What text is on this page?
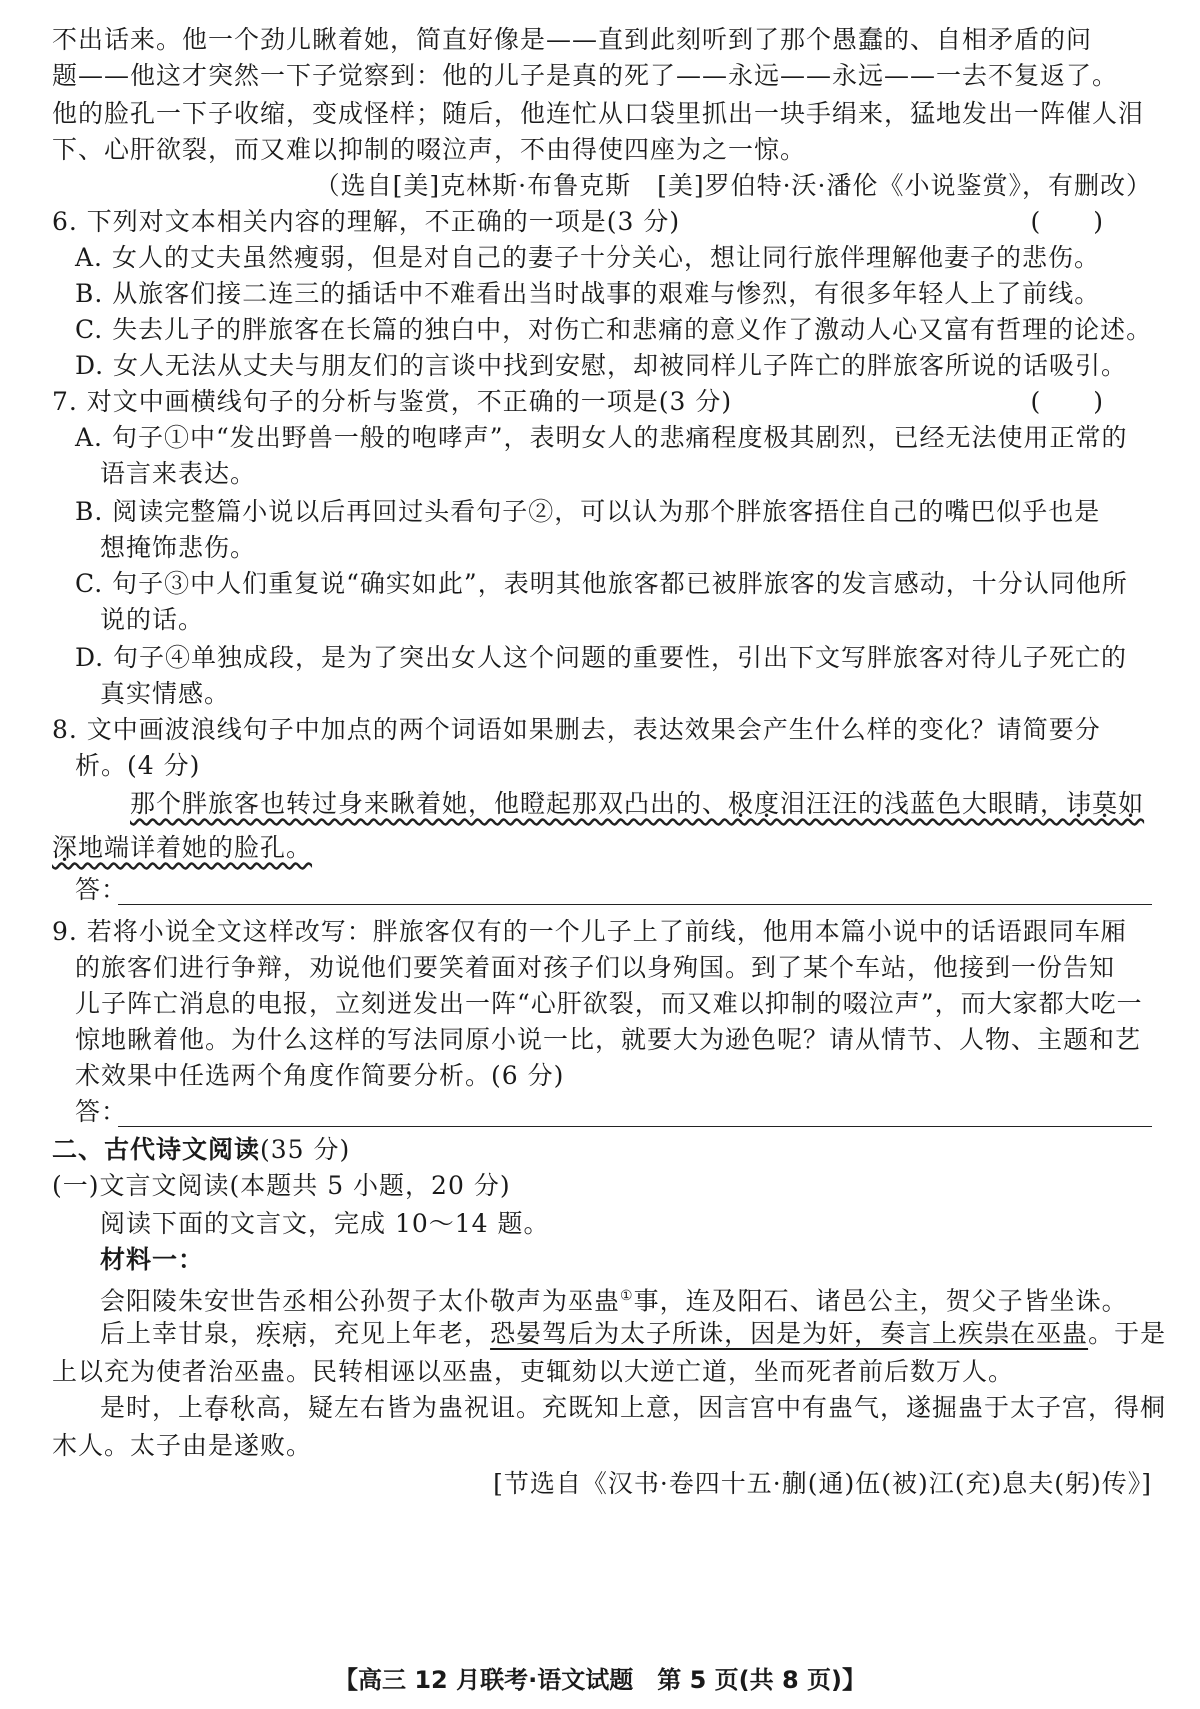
不出话来。他一个劲儿瞅着她，简直好像是——直到此刻听到了那个愚蠢的、自相矛盾的问
题——他这才突然一下子觉察到：他的儿子是真的死了——永远——永远——一去不复返了。
他的脸孔一下子收缩，变成怪样；随后，他连忙从口袋里抓出一块手绢来，猛地发出一阵催人泪
下、心肝欲裂，而又难以抑制的啜泣声，不由得使四座为之一惊。
（选自[美]克林斯·布鲁克斯　[美]罗伯特·沃·潘伦《小说鉴赏》，有删改）
6. 下列对文本相关内容的理解，不正确的一项是(3 分)	(　　)
A. 女人的丈夫虽然瘦弱，但是对自己的妻子十分关心，想让同行旅伴理解他妻子的悲伤。
B. 从旅客们接二连三的插话中不难看出当时战事的艰难与惨烈，有很多年轻人上了前线。
C. 失去儿子的胖旅客在长篇的独白中，对伤亡和悲痛的意义作了激动人心又富有哲理的论述。
D. 女人无法从丈夫与朋友们的言谈中找到安慰，却被同样儿子阵亡的胖旅客所说的话吸引。
7. 对文中画横线句子的分析与鉴赏，不正确的一项是(3 分)	(　　)
A. 句子①中“发出野兽一般的咆哮声”，表明女人的悲痛程度极其剧烈，已经无法使用正常的
语言来表达。
B. 阅读完整篇小说以后再回过头看句子②，可以认为那个胖旅客捂住自己的嘴巴似乎也是
想掩饰悲伤。
C. 句子③中人们重复说“确实如此”，表明其他旅客都已被胖旅客的发言感动，十分认同他所
说的话。
D. 句子④单独成段，是为了突出女人这个问题的重要性，引出下文写胖旅客对待儿子死亡的
真实情感。
8. 文中画波浪线句子中加点的两个词语如果删去，表达效果会产生什么样的变化？请简要分
析。(4 分)
那个胖旅客也转过身来瞅着她，他瞪起那双凸出的、极度泪汪汪的浅蓝色大眼睛，讳莫如
深地端详着她的脸孔。
答：
9. 若将小说全文这样改写：胖旅客仅有的一个儿子上了前线，他用本篇小说中的话语跟同车厢
的旅客们进行争辩，劝说他们要笑着面对孩子们以身殉国。到了某个车站，他接到一份告知
儿子阵亡消息的电报，立刻迸发出一阵“心肝欲裂，而又难以抑制的啜泣声”，而大家都大吃一
惊地瞅着他。为什么这样的写法同原小说一比，就要大为逊色呢？请从情节、人物、主题和艺
术效果中任选两个角度作简要分析。(6 分)
答：
二、古代诗文阅读(35 分)
(一)文言文阅读(本题共 5 小题，20 分)
阅读下面的文言文，完成 10～14 题。
材料一：
会阳陵朱安世告丞相公孙贺子太仆敬声为巫蛊①事，连及阳石、诸邑公主，贺父子皆坐诛。
后上幸甘泉，疾病，充见上年老，恐晏驾后为太子所诛，因是为奸，奏言上疾祟在巫蛊。于是
上以充为使者治巫蛊。民转相诬以巫蛊，吏辄劾以大逆亡道，坐而死者前后数万人。
是时，上春秋高，疑左右皆为蛊祝诅。充既知上意，因言宫中有蛊气，遂掘蛊于太子宫，得桐
木人。太子由是遂败。
[节选自《汉书·卷四十五·蒯(通)伍(被)江(充)息夫(躬)传》]
【高三 12 月联考·语文试题　第 5 页(共 8 页)】
